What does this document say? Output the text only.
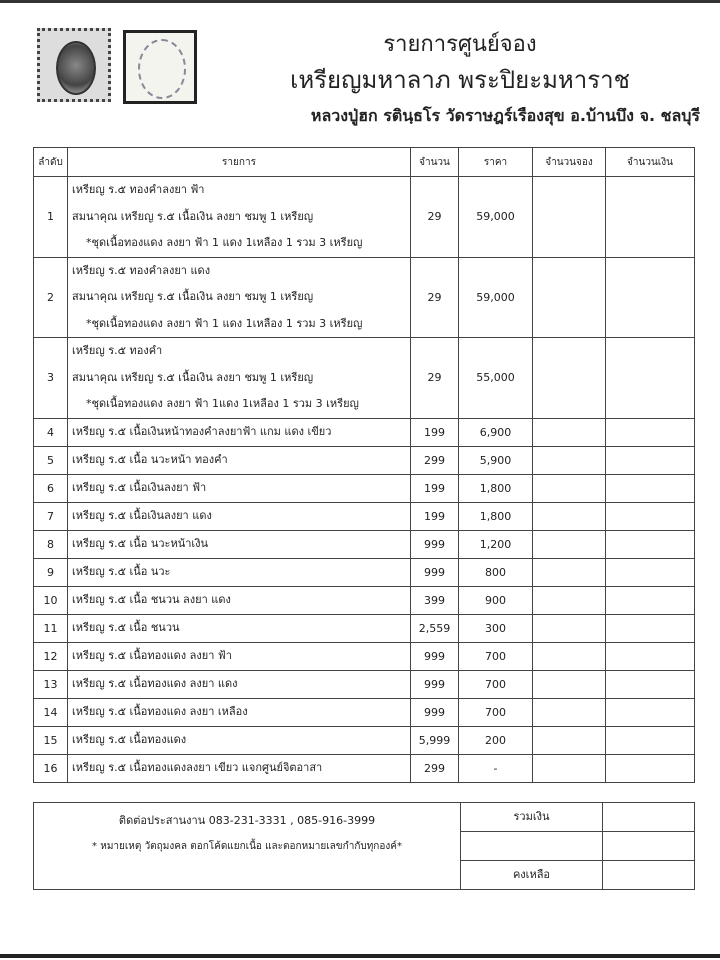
รายการศูนย์จอง
เหรียญมหาลาภ พระปิยะมหาราช
หลวงปู่ฮก รตินฺธโร วัดราษฎร์เรืองสุข อ.บ้านบึง จ. ชลบุรี
ลำดับ	รายการ	จำนวน	ราคา	จำนวนจอง	จำนวนเงิน
1	เหรียญ ร.๕ ทองคำลงยา ฟ้า
สมนาคุณ เหรียญ ร.๕ เนื้อเงิน ลงยา ชมพู 1 เหรียญ
*ชุดเนื้อทองแดง ลงยา ฟ้า 1 แดง 1เหลือง 1 รวม 3 เหรียญ	29	59,000		
2	เหรียญ ร.๕ ทองคำลงยา แดง
สมนาคุณ เหรียญ ร.๕ เนื้อเงิน ลงยา ชมพู 1 เหรียญ
*ชุดเนื้อทองแดง ลงยา ฟ้า 1 แดง 1เหลือง 1 รวม 3 เหรียญ	29	59,000		
3	เหรียญ ร.๕ ทองคำ
สมนาคุณ เหรียญ ร.๕ เนื้อเงิน ลงยา ชมพู 1 เหรียญ
*ชุดเนื้อทองแดง ลงยา ฟ้า 1แดง 1เหลือง 1 รวม 3 เหรียญ	29	55,000		
4	เหรียญ ร.๕ เนื้อเงินหน้าทองคำลงยาฟ้า แกม แดง เขียว	199	6,900		
5	เหรียญ ร.๕ เนื้อ นวะหน้า ทองคำ	299	5,900		
6	เหรียญ ร.๕ เนื้อเงินลงยา ฟ้า	199	1,800		
7	เหรียญ ร.๕ เนื้อเงินลงยา แดง	199	1,800		
8	เหรียญ ร.๕ เนื้อ นวะหน้าเงิน	999	1,200		
9	เหรียญ ร.๕ เนื้อ นวะ	999	800		
10	เหรียญ ร.๕ เนื้อ ชนวน ลงยา แดง	399	900		
11	เหรียญ ร.๕ เนื้อ ชนวน	2,559	300		
12	เหรียญ ร.๕ เนื้อทองแดง ลงยา ฟ้า	999	700		
13	เหรียญ ร.๕ เนื้อทองแดง ลงยา แดง	999	700		
14	เหรียญ ร.๕ เนื้อทองแดง ลงยา เหลือง	999	700		
15	เหรียญ ร.๕ เนื้อทองแดง	5,999	200		
16	เหรียญ ร.๕ เนื้อทองแดงลงยา เขียว แจกศูนย์จิตอาสา	299	-		
ติดต่อประสานงาน 083-231-3331 , 085-916-3999
* หมายเหตุ วัตถุมงคล ตอกโค้ดแยกเนื้อ และตอกหมายเลขกำกับทุกองค์*
รวมเงิน
คงเหลือ
